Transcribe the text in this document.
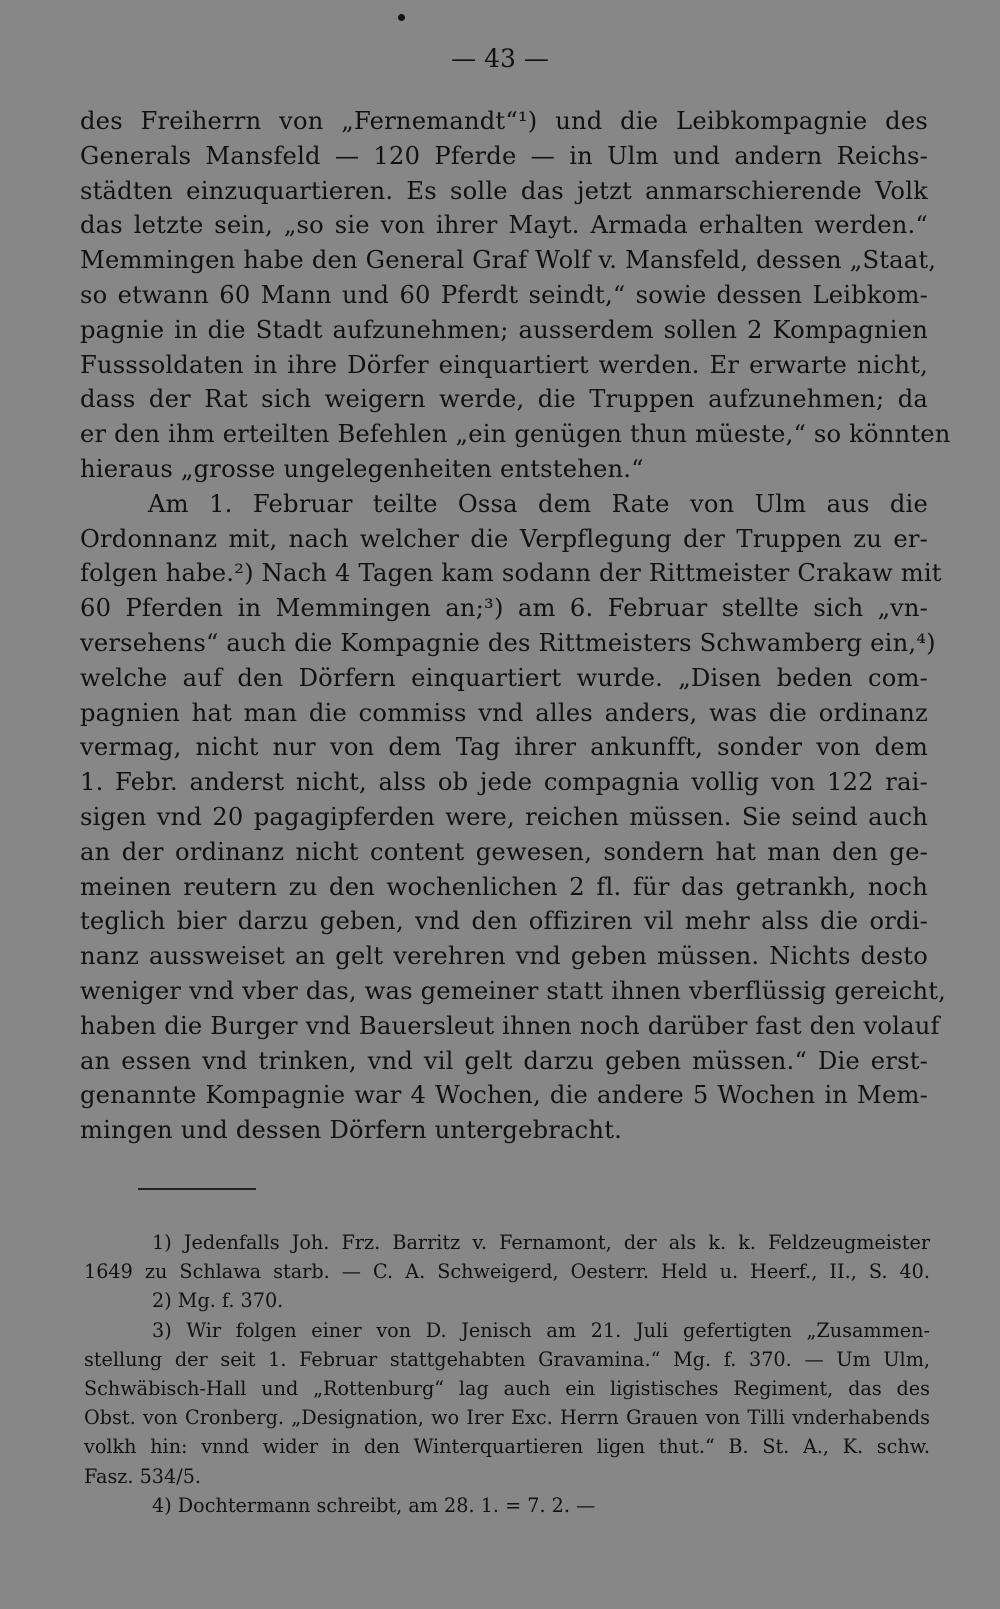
— 43 —
des Freiherrn von „Fernemandt“¹) und die Leibkompagnie des
Generals Mansfeld — 120 Pferde — in Ulm und andern Reichs-
städten einzuquartieren. Es solle das jetzt anmarschierende Volk
das letzte sein, „so sie von ihrer Mayt. Armada erhalten werden.“
Memmingen habe den General Graf Wolf v. Mansfeld, dessen „Staat,
so etwann 60 Mann und 60 Pferdt seindt,“ sowie dessen Leibkom-
pagnie in die Stadt aufzunehmen; ausserdem sollen 2 Kompagnien
Fusssoldaten in ihre Dörfer einquartiert werden. Er erwarte nicht,
dass der Rat sich weigern werde, die Truppen aufzunehmen; da
er den ihm erteilten Befehlen „ein genügen thun müeste,“ so könnten
hieraus „grosse ungelegenheiten entstehen.“
Am 1. Februar teilte Ossa dem Rate von Ulm aus die
Ordonnanz mit, nach welcher die Verpflegung der Truppen zu er-
folgen habe.²) Nach 4 Tagen kam sodann der Rittmeister Crakaw mit
60 Pferden in Memmingen an;³) am 6. Februar stellte sich „vn-
versehens“ auch die Kompagnie des Rittmeisters Schwamberg ein,⁴)
welche auf den Dörfern einquartiert wurde. „Disen beden com-
pagnien hat man die commiss vnd alles anders, was die ordinanz
vermag, nicht nur von dem Tag ihrer ankunfft, sonder von dem
1. Febr. anderst nicht, alss ob jede compagnia vollig von 122 rai-
sigen vnd 20 pagagipferden were, reichen müssen. Sie seind auch
an der ordinanz nicht content gewesen, sondern hat man den ge-
meinen reutern zu den wochenlichen 2 fl. für das getrankh, noch
teglich bier darzu geben, vnd den offiziren vil mehr alss die ordi-
nanz aussweiset an gelt verehren vnd geben müssen. Nichts desto
weniger vnd vber das, was gemeiner statt ihnen vberflüssig gereicht,
haben die Burger vnd Bauersleut ihnen noch darüber fast den volauf
an essen vnd trinken, vnd vil gelt darzu geben müssen.“ Die erst-
genannte Kompagnie war 4 Wochen, die andere 5 Wochen in Mem-
mingen und dessen Dörfern untergebracht.
1) Jedenfalls Joh. Frz. Barritz v. Fernamont, der als k. k. Feldzeugmeister
1649 zu Schlawa starb. — C. A. Schweigerd, Oesterr. Held u. Heerf., II., S. 40.
2) Mg. f. 370.
3) Wir folgen einer von D. Jenisch am 21. Juli gefertigten „Zusammen-
stellung der seit 1. Februar stattgehabten Gravamina.“ Mg. f. 370. — Um Ulm,
Schwäbisch-Hall und „Rottenburg“ lag auch ein ligistisches Regiment, das des
Obst. von Cronberg. „Designation, wo Irer Exc. Herrn Grauen von Tilli vnderhabends
volkh hin: vnnd wider in den Winterquartieren ligen thut.“ B. St. A., K. schw.
Fasz. 534/5.
4) Dochtermann schreibt, am 28. 1. = 7. 2. —
